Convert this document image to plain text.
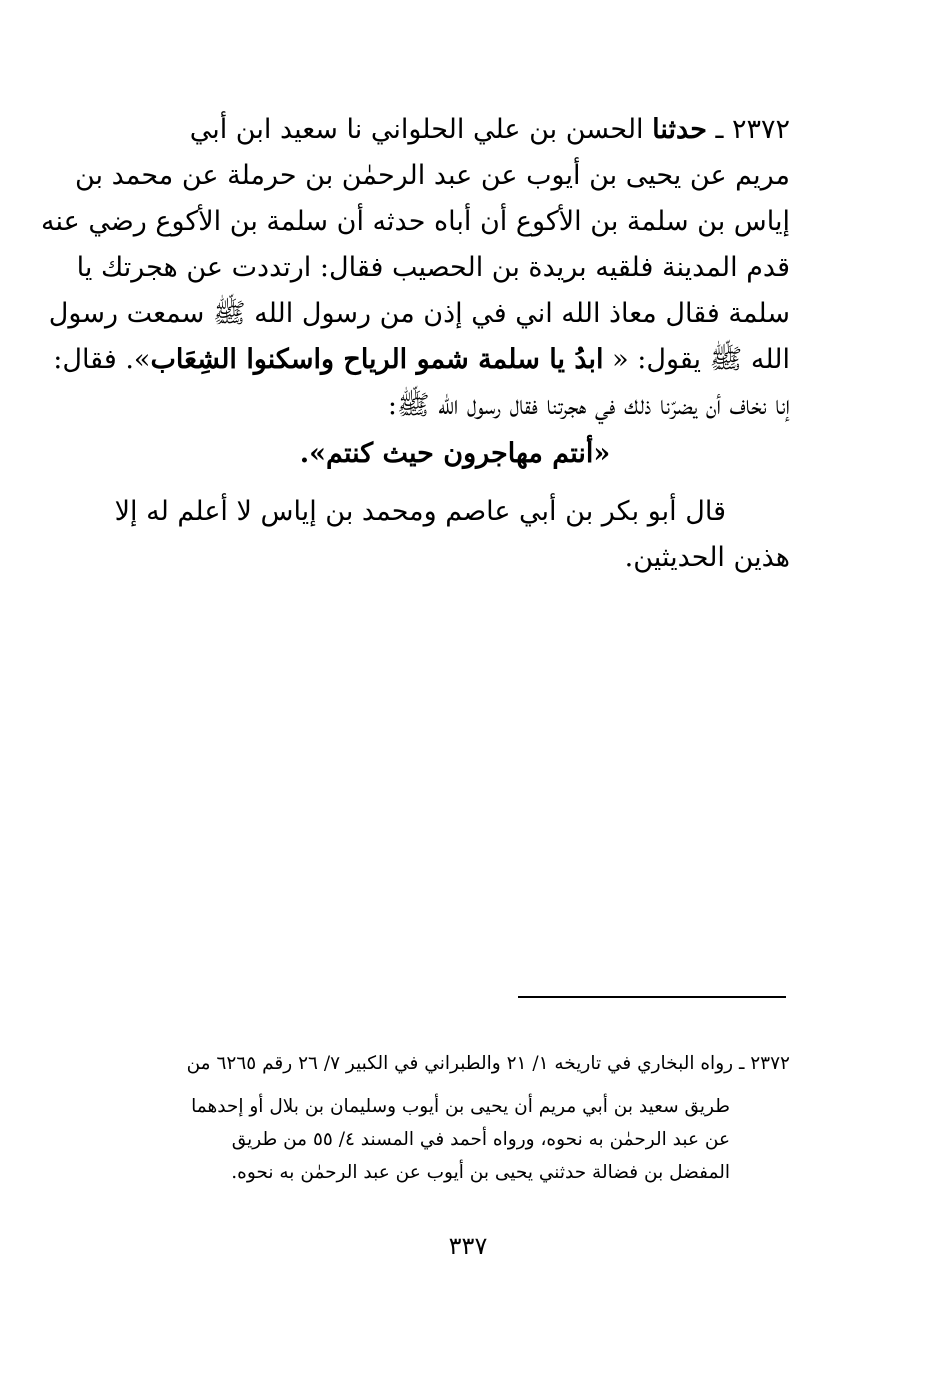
٢٣٧٢ ـ حدثنا الحسن بن علي الحلواني نا سعيد ابن أبي
مريم عن يحيى بن أيوب عن عبد الرحمٰن بن حرملة عن محمد بن
إياس بن سلمة بن الأكوع أن أباه حدثه أن سلمة بن الأكوع رضي عنه
قدم المدينة فلقيه بريدة بن الحصيب فقال: ارتددت عن هجرتك يا
سلمة فقال معاذ الله اني في إذن من رسول الله ﷺ سمعت رسول
الله ﷺ يقول: « ابدُ يا سلمة شمو الرياح واسكنوا الشِعَاب». فقال:
إنا نخاف أن يضرّنا ذلك في هجرتنا فقال رسول الله ﷺ:
«أنتم مهاجرون حيث كنتم».
قال أبو بكر بن أبي عاصم ومحمد بن إياس لا أعلم له إلا
هذين الحديثين.
٢٣٧٢ ـ رواه البخاري في تاريخه ١/ ٢١ والطبراني في الكبير ٧/ ٢٦ رقم ٦٢٦٥ من
طريق سعيد بن أبي مريم أن يحيى بن أيوب وسليمان بن بلال أو إحدهما
عن عبد الرحمٰن به نحوه، ورواه أحمد في المسند ٤/ ٥٥ من طريق
المفضل بن فضالة حدثني يحيى بن أيوب عن عبد الرحمٰن به نحوه.
٣٣٧
